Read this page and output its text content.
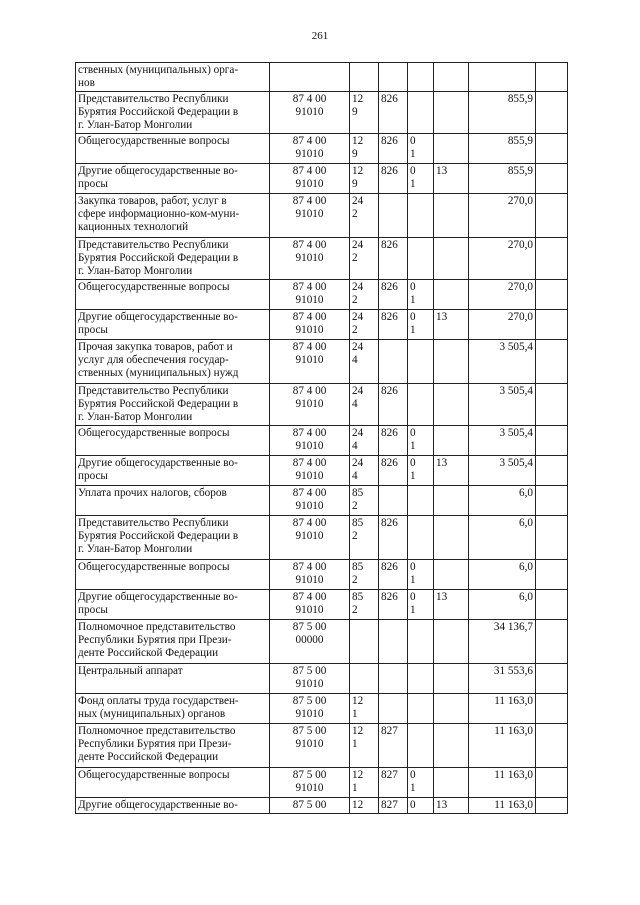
261
ственных (муниципальных) орга-
нов							

Представительство Республики
Бурятия Российской Федерации в
г. Улан-Батор Монголии	87 4 00
91010	12
9	826			855,9	

Общегосударственные вопросы	87 4 00
91010	12
9	826	0
1		855,9	

Другие общегосударственные во-
просы	87 4 00
91010	12
9	826	0
1	13	855,9	

Закупка товаров, работ, услуг в
сфере информационно-ком-муни-
кационных технологий	87 4 00
91010	24
2				270,0	

Представительство Республики
Бурятия Российской Федерации в
г. Улан-Батор Монголии	87 4 00
91010	24
2	826			270,0	

Общегосударственные вопросы	87 4 00
91010	24
2	826	0
1		270,0	

Другие общегосударственные во-
просы	87 4 00
91010	24
2	826	0
1	13	270,0	

Прочая закупка товаров, работ и
услуг для обеспечения государ-
ственных (муниципальных) нужд	87 4 00
91010	24
4				3 505,4	

Представительство Республики
Бурятия Российской Федерации в
г. Улан-Батор Монголии	87 4 00
91010	24
4	826			3 505,4	

Общегосударственные вопросы	87 4 00
91010	24
4	826	0
1		3 505,4	

Другие общегосударственные во-
просы	87 4 00
91010	24
4	826	0
1	13	3 505,4	

Уплата прочих налогов, сборов	87 4 00
91010	85
2				6,0	

Представительство Республики
Бурятия Российской Федерации в
г. Улан-Батор Монголии	87 4 00
91010	85
2	826			6,0	

Общегосударственные вопросы	87 4 00
91010	85
2	826	0
1		6,0	

Другие общегосударственные во-
просы	87 4 00
91010	85
2	826	0
1	13	6,0	

Полномочное представительство
Республики Бурятия при Прези-
денте Российской Федерации	87 5 00
00000					34 136,7	

Центральный аппарат	87 5 00
91010					31 553,6	

Фонд оплаты труда государствен-
ных (муниципальных) органов	87 5 00
91010	12
1				11 163,0	

Полномочное представительство
Республики Бурятия при Прези-
денте Российской Федерации	87 5 00
91010	12
1	827			11 163,0	

Общегосударственные вопросы	87 5 00
91010	12
1	827	0
1		11 163,0	

Другие общегосударственные во-	87 5 00	12	827	0	13	11 163,0	
